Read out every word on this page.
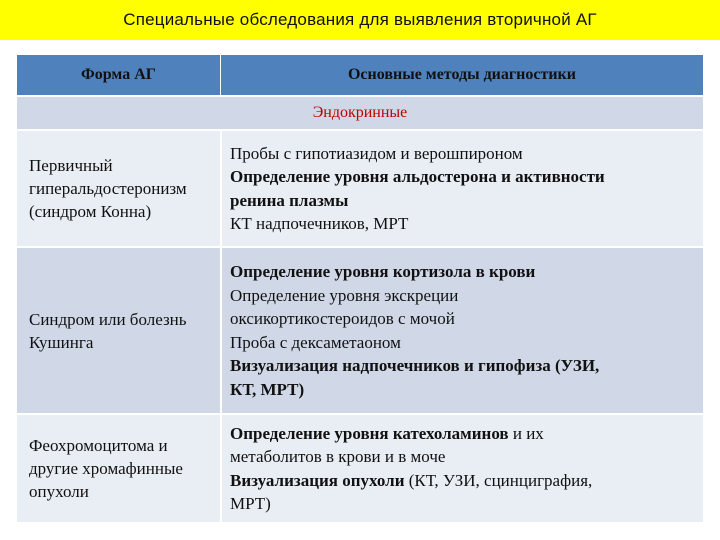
Специальные обследования для выявления вторичной АГ
Форма АГ	Основные методы диагностики
Эндокринные
Первичный
гиперальдостеронизм
(синдром Конна)
Пробы с гипотиазидом и верошпироном
Определение уровня альдостерона и активности
ренина плазмы
КТ надпочечников, МРТ
Синдром или болезнь
Кушинга
Определение уровня кортизола в крови
Определение уровня экскреции
оксикортикостероидов с мочой
Проба с дексаметаоном
Визуализация надпочечников и гипофиза (УЗИ,
КТ, МРТ)
Феохромоцитома и
другие хромафинные
опухоли
Определение уровня катехоламинов и их
метаболитов в крови и в моче
Визуализация опухоли (КТ, УЗИ, сцинциграфия,
МРТ)
